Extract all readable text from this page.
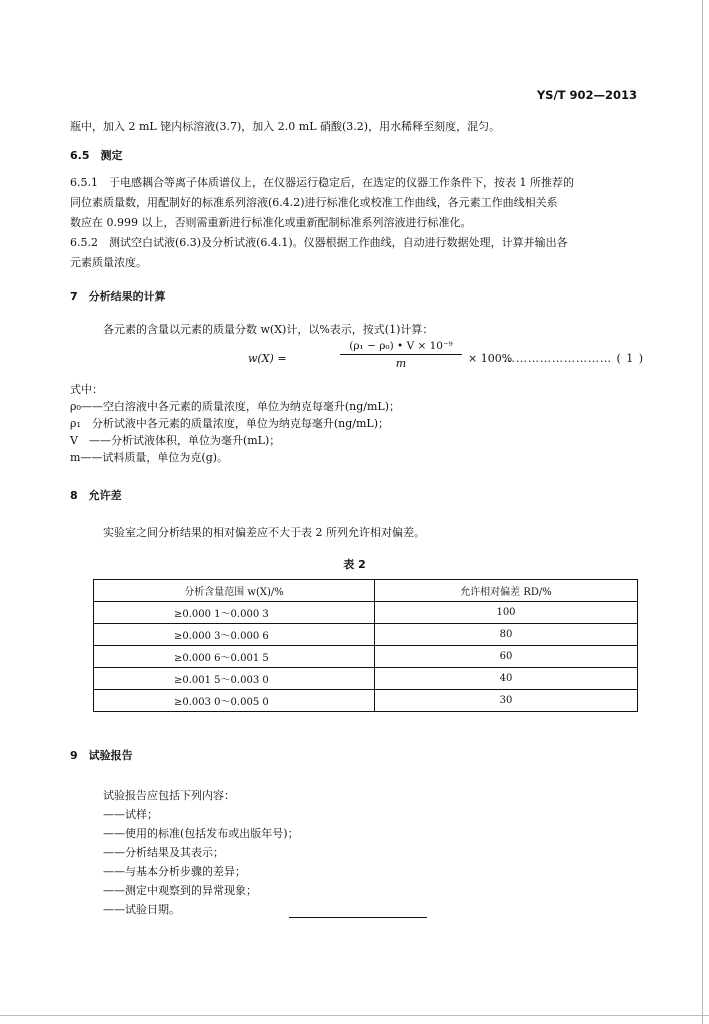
YS/T 902—2013
瓶中，加入 2 mL 铑内标溶液(3.7)，加入 2.0 mL 硝酸(3.2)，用水稀释至刻度，混匀。
6.5　测定
6.5.1　于电感耦合等离子体质谱仪上，在仪器运行稳定后，在选定的仪器工作条件下，按表 1 所推荐的
同位素质量数，用配制好的标准系列溶液(6.4.2)进行标准化或校准工作曲线，各元素工作曲线相关系
数应在 0.999 以上，否则需重新进行标准化或重新配制标准系列溶液进行标准化。
6.5.2　测试空白试液(6.3)及分析试液(6.4.1)。仪器根据工作曲线，自动进行数据处理，计算并输出各
元素质量浓度。
7　分析结果的计算
各元素的含量以元素的质量分数 w(X)计，以%表示，按式(1)计算：
w(X) =	$\frac{\text{(ρ₁ − ρ₀) • V × 10⁻⁹}}{m} \times 100\%$
……………………… ( 1 )
式中：
ρ₀——空白溶液中各元素的质量浓度，单位为纳克每毫升(ng/mL)；
ρ₁　分析试液中各元素的质量浓度，单位为纳克每毫升(ng/mL)；
V　——分析试液体积，单位为毫升(mL)；
m——试料质量，单位为克(g)。
8　允许差
实验室之间分析结果的相对偏差应不大于表 2 所列允许相对偏差。
表 2
分析含量范围 w(X)/%	允许相对偏差 RD/%
≥0.000 1～0.000 3	100
≥0.000 3～0.000 6	80
≥0.000 6～0.001 5	60
≥0.001 5～0.003 0	40
≥0.003 0～0.005 0	30
9　试验报告
试验报告应包括下列内容：
——试样；
——使用的标准(包括发布或出版年号)；
——分析结果及其表示；
——与基本分析步骤的差异；
——测定中观察到的异常现象；
——试验日期。
